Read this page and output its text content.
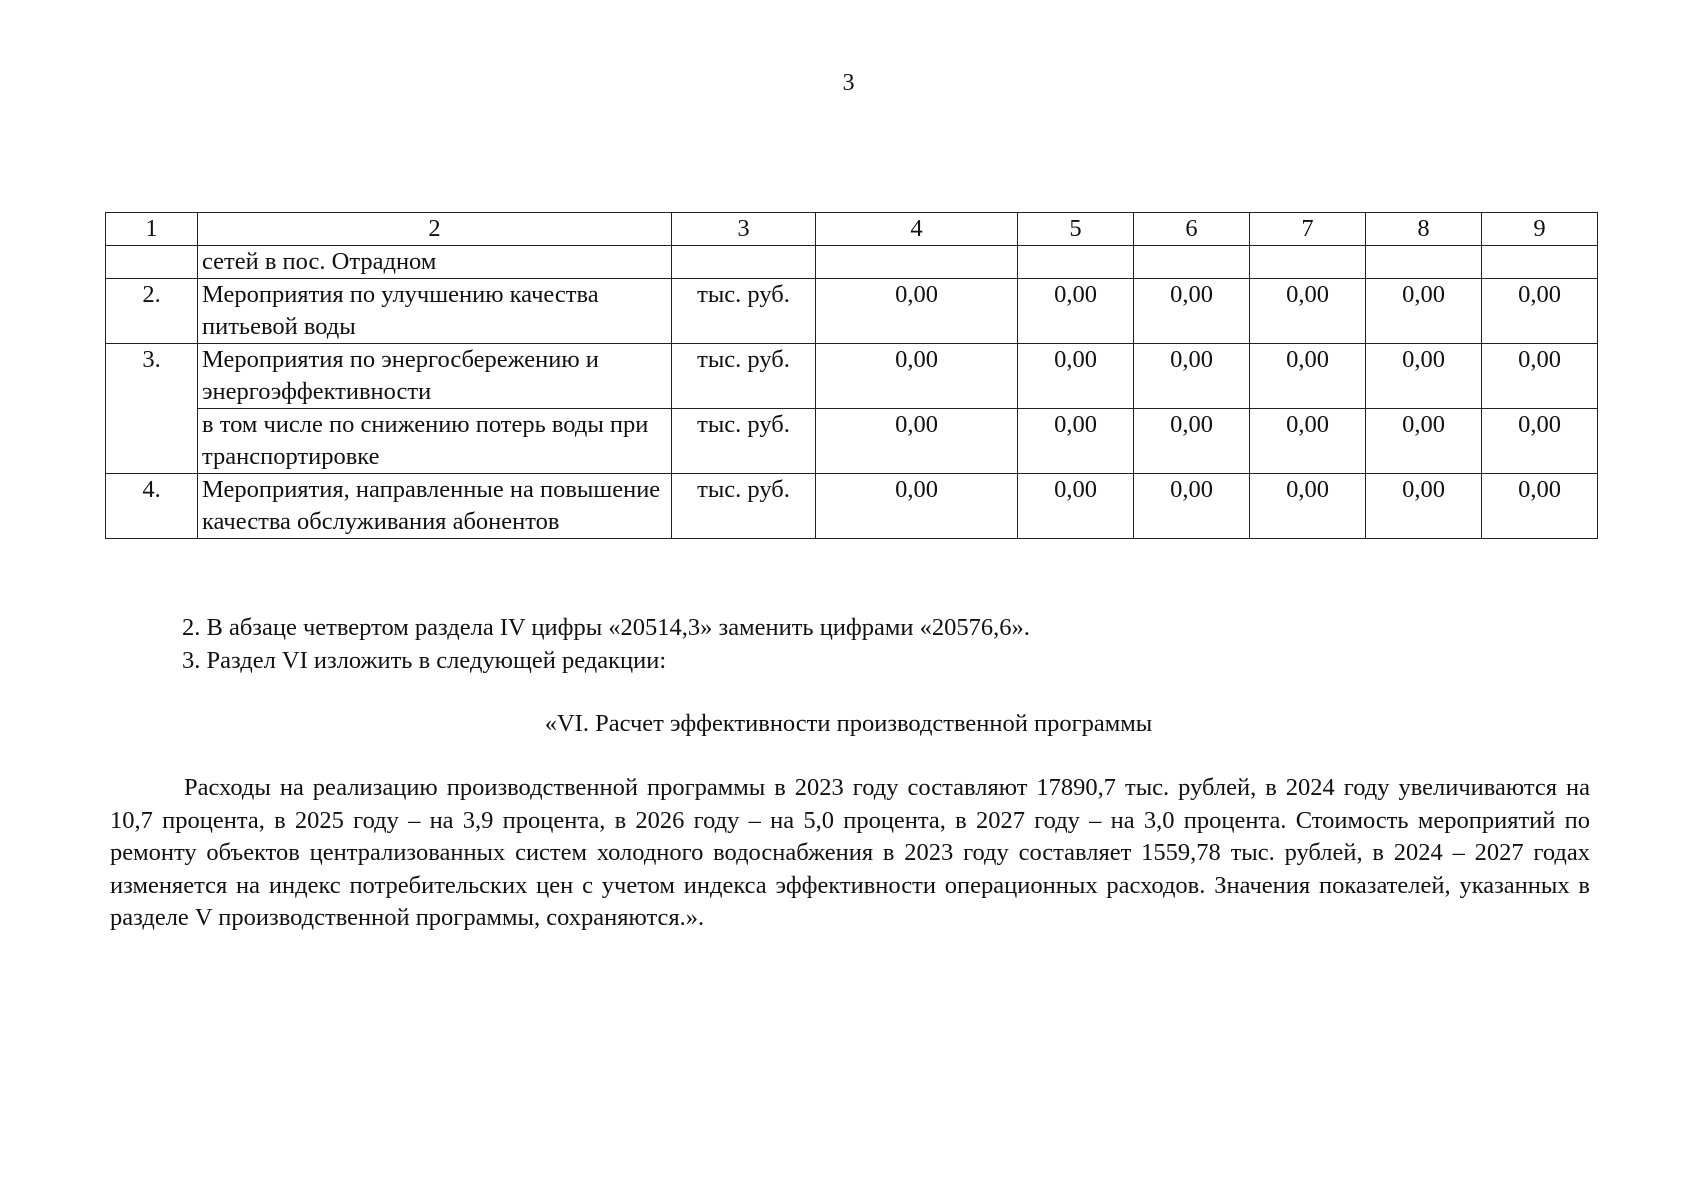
3
1	2	3	4	5	6	7	8	9
	сетей в пос. Отрадном							
2.	Мероприятия по улучшению качества питьевой воды	тыс. руб.	0,00	0,00	0,00	0,00	0,00	0,00
3.	Мероприятия по энергосбережению и энергоэффективности	тыс. руб.	0,00	0,00	0,00	0,00	0,00	0,00
	в том числе по снижению потерь воды при транспортировке	тыс. руб.	0,00	0,00	0,00	0,00	0,00	0,00
4.	Мероприятия, направленные на повышение качества обслуживания абонентов	тыс. руб.	0,00	0,00	0,00	0,00	0,00	0,00
2. В абзаце четвертом раздела IV цифры «20514,3» заменить цифрами «20576,6».
3. Раздел VI изложить в следующей редакции:
«VI. Расчет эффективности производственной программы
Расходы на реализацию производственной программы в 2023 году составляют 17890,7 тыс. рублей, в 2024 году увеличиваются на 10,7 процента, в 2025 году – на 3,9 процента, в 2026 году – на 5,0 процента, в 2027 году – на 3,0 процента. Стоимость мероприятий по ремонту объектов централизованных систем холодного водоснабжения в 2023 году составляет 1559,78 тыс. рублей, в 2024 – 2027 годах изменяется на индекс потребительских цен с учетом индекса эффективности операционных расходов. Значения показателей, указанных в разделе V производственной программы, сохраняются.».
